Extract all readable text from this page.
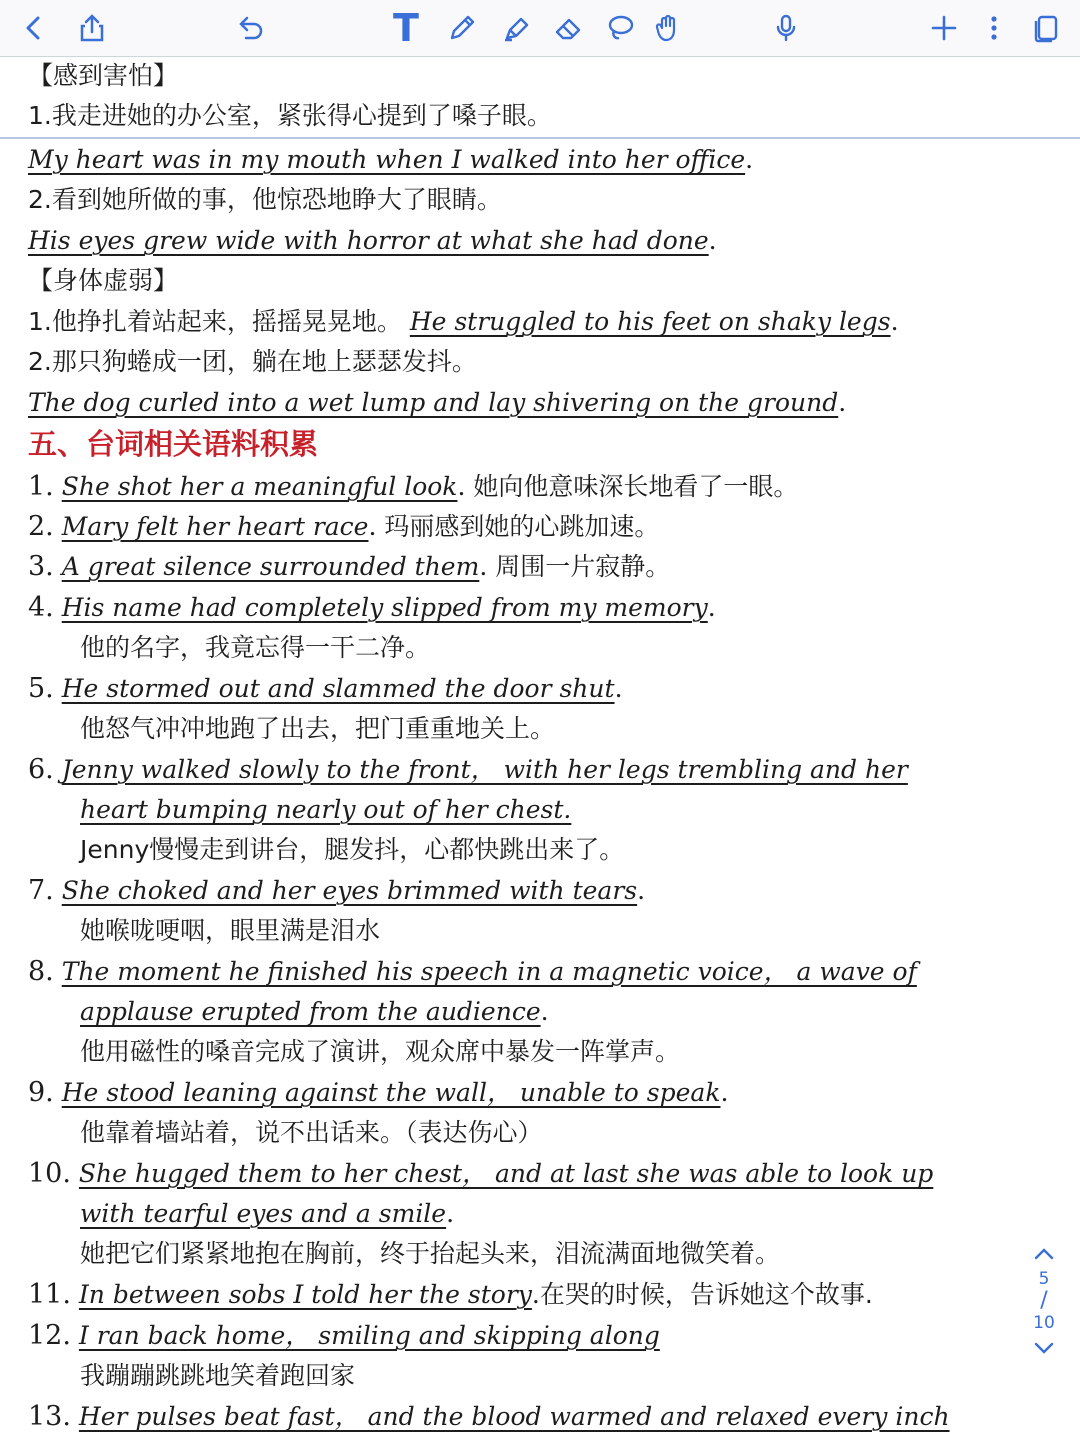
T
【感到害怕】
1.我走进她的办公室，紧张得心提到了嗓子眼。
My heart was in my mouth when I walked into her office.
2.看到她所做的事，他惊恐地睁大了眼睛。
His eyes grew wide with horror at what she had done.
【身体虚弱】
1.他挣扎着站起来，摇摇晃晃地。 He struggled to his feet on shaky legs.
2.那只狗蜷成一团，躺在地上瑟瑟发抖。
The dog curled into a wet lump and lay shivering on the ground.
五、台词相关语料积累
1. She shot her a meaningful look. 她向他意味深长地看了一眼。
2. Mary felt her heart race. 玛丽感到她的心跳加速。
3. A great silence surrounded them. 周围一片寂静。
4. His name had completely slipped from my memory.
他的名字，我竟忘得一干二净。
5. He stormed out and slammed the door shut.
他怒气冲冲地跑了出去，把门重重地关上。
6. Jenny walked slowly to the front， with her legs trembling and her
heart bumping nearly out of her chest.
Jenny慢慢走到讲台，腿发抖，心都快跳出来了。
7. She choked and her eyes brimmed with tears.
她喉咙哽咽，眼里满是泪水
8. The moment he finished his speech in a magnetic voice， a wave of
applause erupted from the audience.
他用磁性的嗓音完成了演讲，观众席中暴发一阵掌声。
9. He stood leaning against the wall， unable to speak.
他靠着墙站着，说不出话来。（表达伤心）
10. She hugged them to her chest， and at last she was able to look up
with tearful eyes and a smile.
她把它们紧紧地抱在胸前，终于抬起头来，泪流满面地微笑着。
11. In between sobs I told her the story.在哭的时候，告诉她这个故事.
12. I ran back home， smiling and skipping along
我蹦蹦跳跳地笑着跑回家
13. Her pulses beat fast， and the blood warmed and relaxed every inch
5
/
10
